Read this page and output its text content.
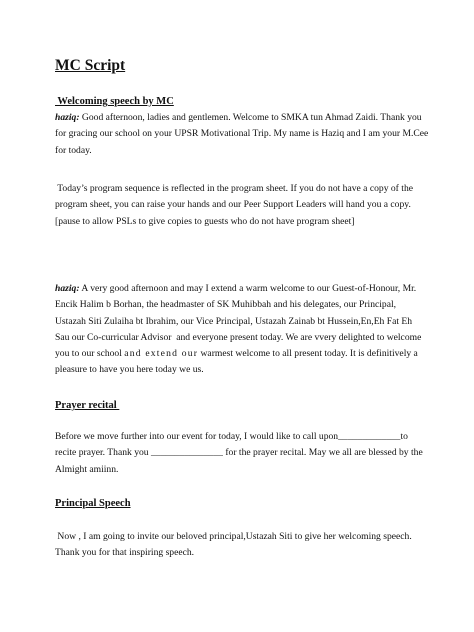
MC Script
Welcoming speech by MC
haziq: Good afternoon, ladies and gentlemen. Welcome to SMKA tun Ahmad Zaidi. Thank you
for gracing our school on your UPSR Motivational Trip. My name is Haziq and I am your M.Cee
for today.
Today’s program sequence is reflected in the program sheet. If you do not have a copy of the
program sheet, you can raise your hands and our Peer Support Leaders will hand you a copy.
[pause to allow PSLs to give copies to guests who do not have program sheet]
haziq: A very good afternoon and may I extend a warm welcome to our Guest-of-Honour, Mr.
Encik Halim b Borhan, the headmaster of SK Muhibbah and his delegates, our Principal,
Ustazah Siti Zulaiha bt Ibrahim, our Vice Principal, Ustazah Zainab bt Hussein,En,Eh Fat Eh
Sau our Co-curricular Advisor  and everyone present today. We are vvery delighted to welcome
you to our school and extend our warmest welcome to all present today. It is definitively a
pleasure to have you here today we us.
Prayer recital
Before we move further into our event for today, I would like to call upon_____________to
recite prayer. Thank you _______________ for the prayer recital. May we all are blessed by the
Almight amiinn.
Principal Speech
Now , I am going to invite our beloved principal,Ustazah Siti to give her welcoming speech.
Thank you for that inspiring speech.
